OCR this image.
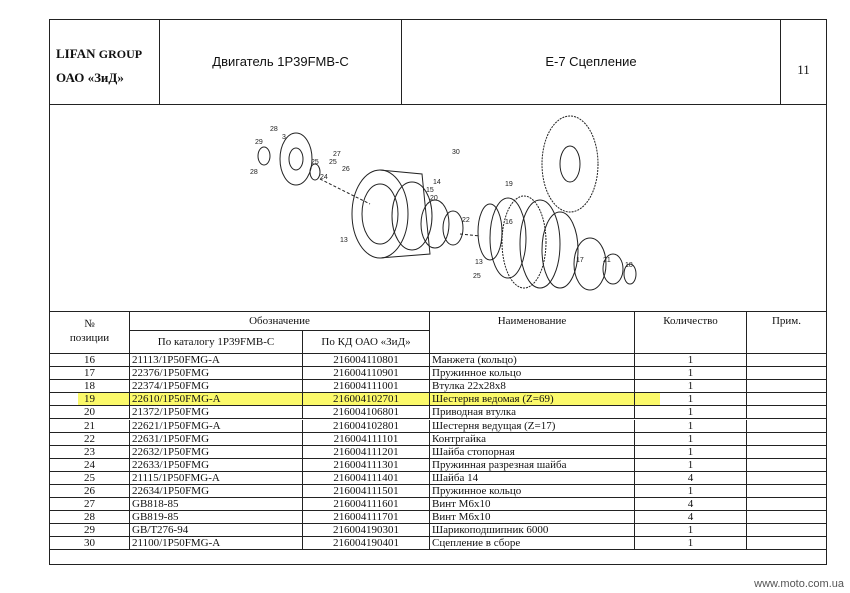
LIFAN GROUP
ОАО «ЗиД»
Двигатель 1P39FMB-C	E-7 Сцепление
11
28
29
3
28
25
24
27
25
26
30
19
13
15
14
20
22	16
17	21
18
13
25
№
позиции
Обозначение
По каталогу 1P39FMB-C	По КД ОАО «ЗиД»
Наименование	Количество	Прим.
16	21113/1P50FMG-A	216004110801	Манжета (кольцо)	1
17	22376/1P50FMG	216004110901	Пружинное кольцо	1
18	22374/1P50FMG	216004111001	Втулка 22x28x8	1
19	22610/1P50FMG-A	216004102701	Шестерня ведомая (Z=69)	1
20	21372/1P50FMG	216004106801	Приводная втулка	1
21	22621/1P50FMG-A	216004102801	Шестерня ведущая (Z=17)	1
22	22631/1P50FMG	216004111101	Контргайка	1
23	22632/1P50FMG	216004111201	Шайба стопорная	1
24	22633/1P50FMG	216004111301	Пружинная разрезная шайба	1
25	21115/1P50FMG-A	216004111401	Шайба 14	4
26	22634/1P50FMG	216004111501	Пружинное кольцо	1
27	GB818-85	216004111601	Винт М6x10	4
28	GB819-85	216004111701	Винт М6x10	4
29	GB/T276-94	216004190301	Шарикоподшипник 6000	1
30	21100/1P50FMG-A	216004190401	Сцепление в сборе	1
www.moto.com.ua
